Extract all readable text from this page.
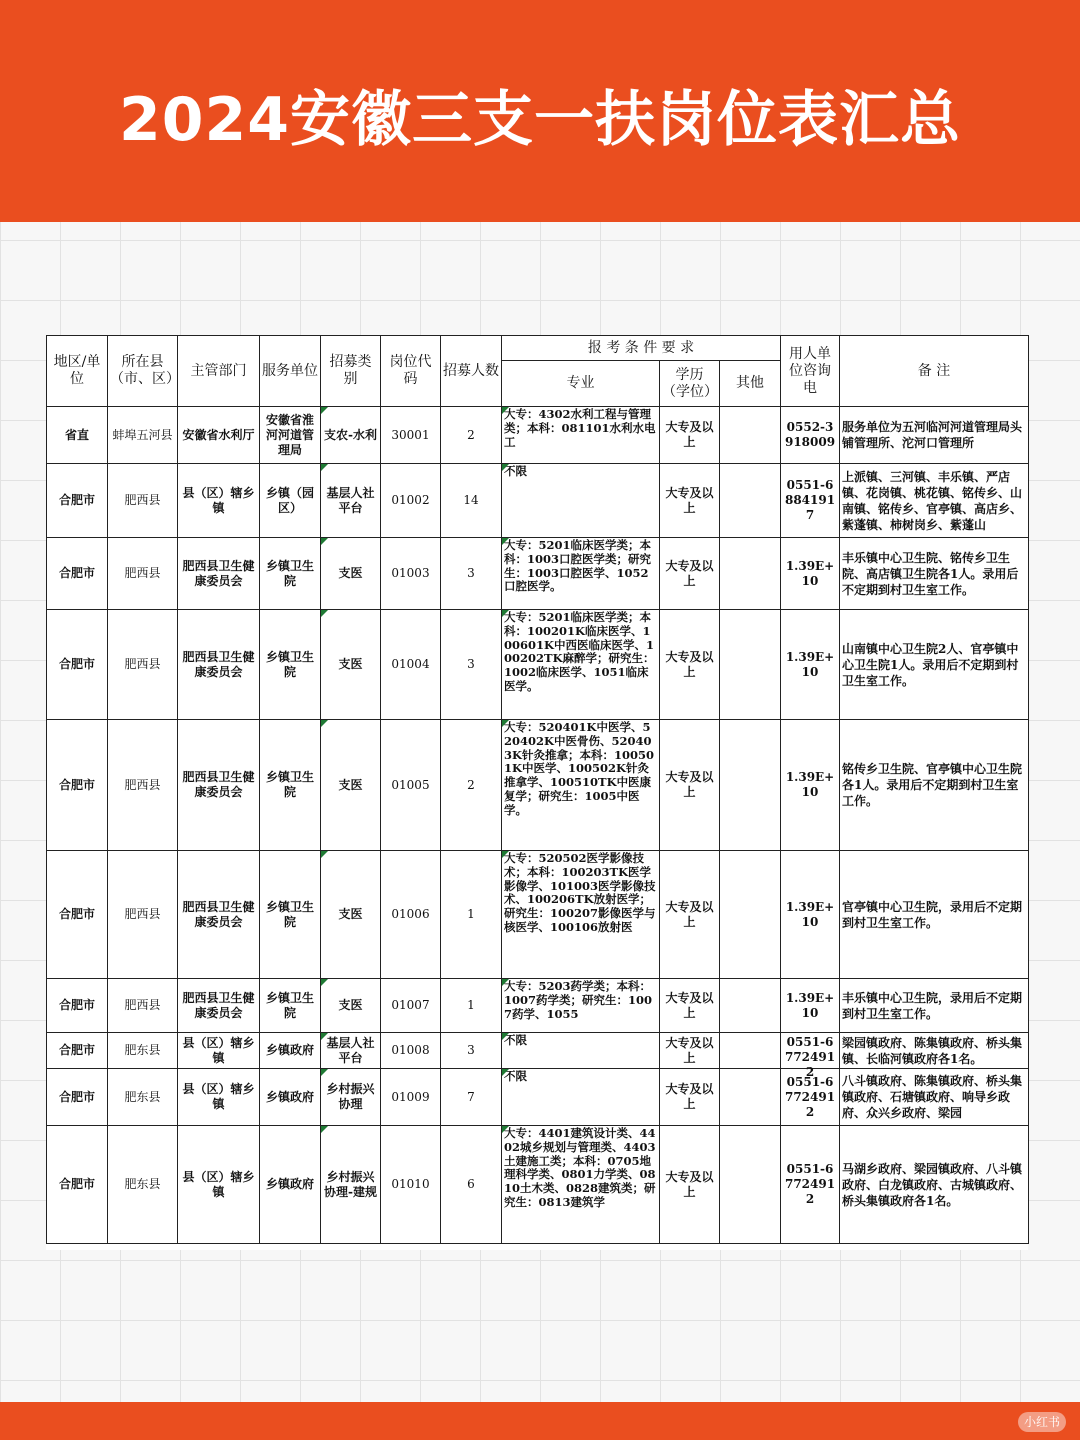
2024安徽三支一扶岗位表汇总
地区/单位	所在县（市、区）	主管部门	服务单位	招募类别	岗位代码	招募人数	报 考 条 件 要 求			用人单位咨询电	备 注
							专业	学历（学位）	其他		

省直	蚌埠五河县	安徽省水利厅	安徽省淮河河道管理局	支农-水利	30001	2	大专：4302水利工程与管理类；本科：081101水利水电工	大专及以上		0552-3918009	服务单位为五河临河河道管理局头铺管理所、沱河口管理所

合肥市	肥西县	县（区）辖乡镇	乡镇（园区）	基层人社平台	01002	14	不限	大专及以上		0551-68841917	上派镇、三河镇、丰乐镇、严店镇、花岗镇、桃花镇、铭传乡、山南镇、铭传乡、官亭镇、高店乡、紫蓬镇、柿树岗乡、紫蓬山

合肥市	肥西县	肥西县卫生健康委员会	乡镇卫生院	支医	01003	3	大专：5201临床医学类；本科：1003口腔医学类；研究生：1003口腔医学、1052口腔医学。	大专及以上		1.39E+10	丰乐镇中心卫生院、铭传乡卫生院、高店镇卫生院各1人。录用后不定期到村卫生室工作。

合肥市	肥西县	肥西县卫生健康委员会	乡镇卫生院	支医	01004	3	大专：5201临床医学类；本科：100201K临床医学、100601K中西医临床医学、100202TK麻醉学；研究生：1002临床医学、1051临床医学。	大专及以上		1.39E+10	山南镇中心卫生院2人、官亭镇中心卫生院1人。录用后不定期到村卫生室工作。

合肥市	肥西县	肥西县卫生健康委员会	乡镇卫生院	支医	01005	2	大专：520401K中医学、520402K中医骨伤、520403K针灸推拿；本科：100501K中医学、100502K针灸推拿学、100510TK中医康复学；研究生：1005中医学。	大专及以上		1.39E+10	铭传乡卫生院、官亭镇中心卫生院各1人。录用后不定期到村卫生室工作。

合肥市	肥西县	肥西县卫生健康委员会	乡镇卫生院	支医	01006	1	大专：520502医学影像技术；本科：100203TK医学影像学、101003医学影像技术、100206TK放射医学；研究生：100207影像医学与核医学、100106放射医	大专及以上		1.39E+10	官亭镇中心卫生院，录用后不定期到村卫生室工作。

合肥市	肥西县	肥西县卫生健康委员会	乡镇卫生院	支医	01007	1	大专：5203药学类；本科：1007药学类；研究生：1007药学、1055	大专及以上		1.39E+10	丰乐镇中心卫生院，录用后不定期到村卫生室工作。

合肥市	肥东县	县（区）辖乡镇	乡镇政府	基层人社平台	01008	3	不限	大专及以上		0551-67724912	梁园镇政府、陈集镇政府、桥头集镇、长临河镇政府各1名。

合肥市	肥东县	县（区）辖乡镇	乡镇政府	乡村振兴协理	01009	7	不限	大专及以上		0551-67724912	八斗镇政府、陈集镇政府、桥头集镇政府、石塘镇政府、响导乡政府、众兴乡政府、梁园

合肥市	肥东县	县（区）辖乡镇	乡镇政府	乡村振兴协理-建规	01010	6	大专：4401建筑设计类、4402城乡规划与管理类、4403土建施工类；本科：0705地理科学类、0801力学类、0810土木类、0828建筑类；研究生：0813建筑学	大专及以上		0551-67724912	马湖乡政府、梁园镇政府、八斗镇政府、白龙镇政府、古城镇政府、桥头集镇政府各1名。
小红书
